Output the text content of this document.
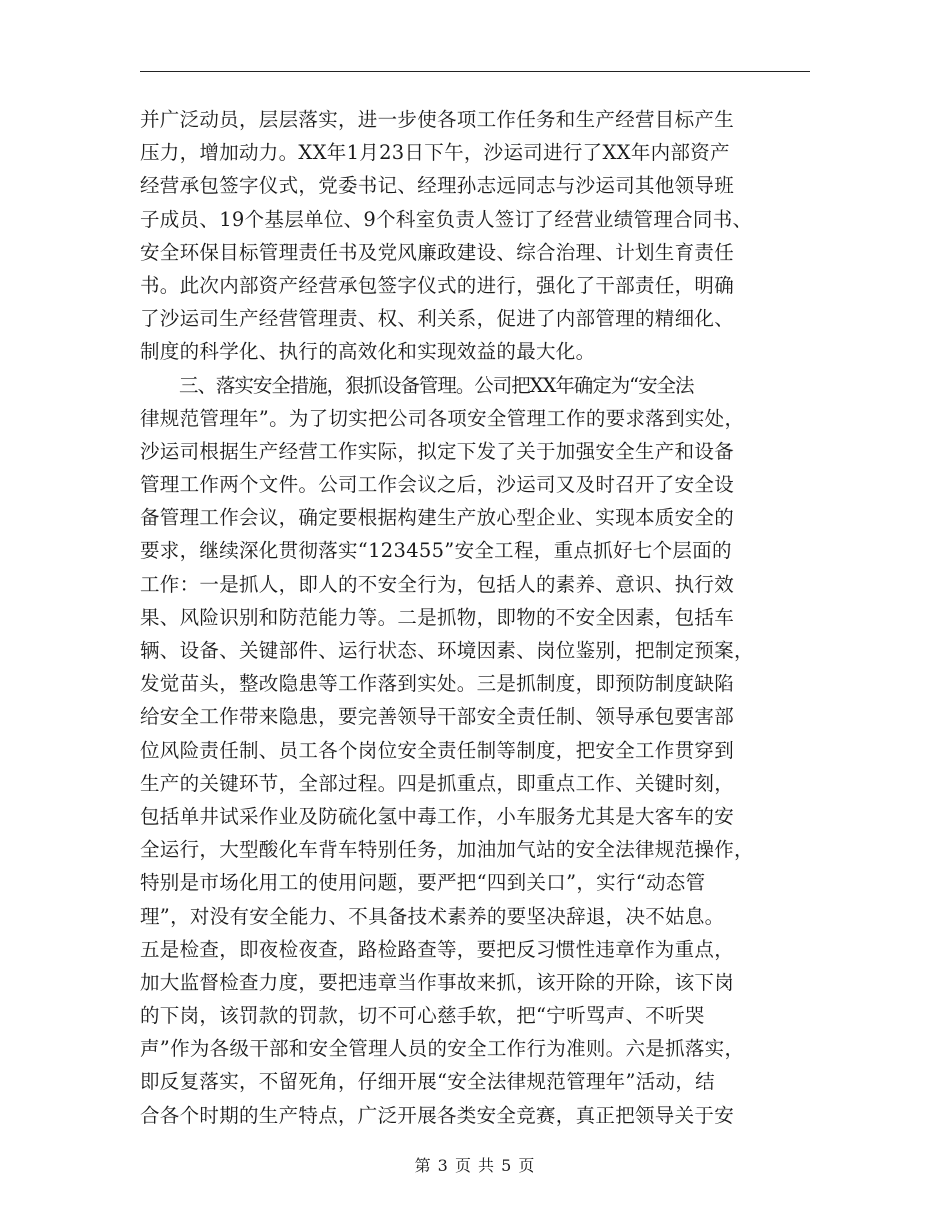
并广泛动员，层层落实，进一步使各项工作任务和生产经营目标产生
压力，增加动力。XX年1月23日下午，沙运司进行了XX年内部资产
经营承包签字仪式，党委书记、经理孙志远同志与沙运司其他领导班
子成员、19个基层单位、9个科室负责人签订了经营业绩管理合同书、
安全环保目标管理责任书及党风廉政建设、综合治理、计划生育责任
书。此次内部资产经营承包签字仪式的进行，强化了干部责任，明确
了沙运司生产经营管理责、权、利关系，促进了内部管理的精细化、
制度的科学化、执行的高效化和实现效益的最大化。
三、落实安全措施，狠抓设备管理。公司把XX年确定为“安全法
律规范管理年”。为了切实把公司各项安全管理工作的要求落到实处，
沙运司根据生产经营工作实际，拟定下发了关于加强安全生产和设备
管理工作两个文件。公司工作会议之后，沙运司又及时召开了安全设
备管理工作会议，确定要根据构建生产放心型企业、实现本质安全的
要求，继续深化贯彻落实“123455”安全工程，重点抓好七个层面的
工作：一是抓人，即人的不安全行为，包括人的素养、意识、执行效
果、风险识别和防范能力等。二是抓物，即物的不安全因素，包括车
辆、设备、关键部件、运行状态、环境因素、岗位鉴别，把制定预案，
发觉苗头，整改隐患等工作落到实处。三是抓制度，即预防制度缺陷
给安全工作带来隐患，要完善领导干部安全责任制、领导承包要害部
位风险责任制、员工各个岗位安全责任制等制度，把安全工作贯穿到
生产的关键环节，全部过程。四是抓重点，即重点工作、关键时刻，
包括单井试采作业及防硫化氢中毒工作，小车服务尤其是大客车的安
全运行，大型酸化车背车特别任务，加油加气站的安全法律规范操作，
特别是市场化用工的使用问题，要严把“四到关口”，实行“动态管
理”，对没有安全能力、不具备技术素养的要坚决辞退，决不姑息。
五是检查，即夜检夜查，路检路查等，要把反习惯性违章作为重点，
加大监督检查力度，要把违章当作事故来抓，该开除的开除，该下岗
的下岗，该罚款的罚款，切不可心慈手软，把“宁听骂声、不听哭
声”作为各级干部和安全管理人员的安全工作行为准则。六是抓落实，
即反复落实，不留死角，仔细开展“安全法律规范管理年”活动，结
合各个时期的生产特点，广泛开展各类安全竞赛，真正把领导关于安
第 3 页 共 5 页
